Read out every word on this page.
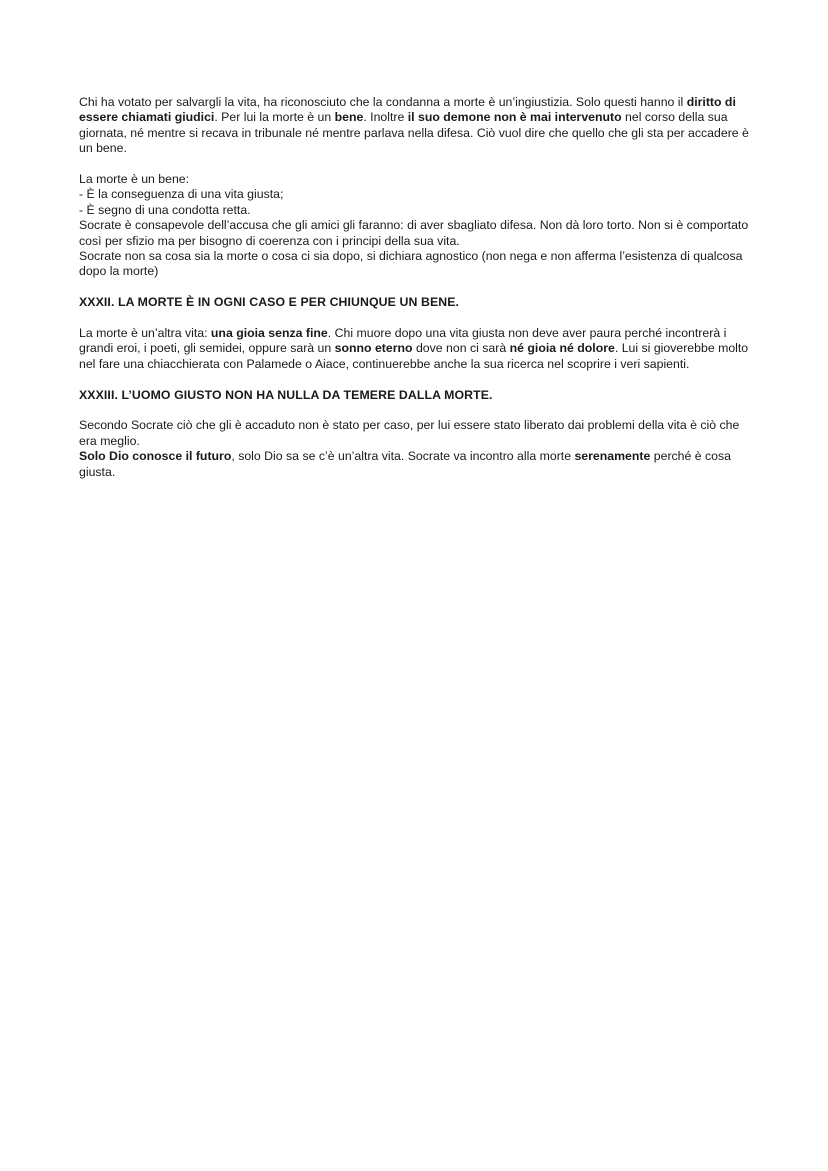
Chi ha votato per salvargli la vita, ha riconosciuto che la condanna a morte è un’ingiustizia. Solo questi hanno il diritto di essere chiamati giudici. Per lui la morte è un bene. Inoltre il suo demone non è mai intervenuto nel corso della sua giornata, né mentre si recava in tribunale né mentre parlava nella difesa. Ciò vuol dire che quello che gli sta per accadere è un bene.

La morte è un bene:

- È la conseguenza di una vita giusta;

- È segno di una condotta retta.

Socrate è consapevole dell’accusa che gli amici gli faranno: di aver sbagliato difesa. Non dà loro torto. Non si è comportato così per sfizio ma per bisogno di coerenza con i principi della sua vita.

Socrate non sa cosa sia la morte o cosa ci sia dopo, si dichiara agnostico (non nega e non afferma l’esistenza di qualcosa dopo la morte)

XXXII. LA MORTE È IN OGNI CASO E PER CHIUNQUE UN BENE.

La morte è un’altra vita: una gioia senza fine. Chi muore dopo una vita giusta non deve aver paura perché incontrerà i grandi eroi, i poeti, gli semidei, oppure sarà un sonno eterno dove non ci sarà né gioia né dolore. Lui si gioverebbe molto nel fare una chiacchierata con Palamede o Aiace, continuerebbe anche la sua ricerca nel scoprire i veri sapienti.

XXXIII. L’UOMO GIUSTO NON HA NULLA DA TEMERE DALLA MORTE.

Secondo Socrate ciò che gli è accaduto non è stato per caso, per lui essere stato liberato dai problemi della vita è ciò che era meglio.

Solo Dio conosce il futuro, solo Dio sa se c’è un’altra vita. Socrate va incontro alla morte serenamente perché è cosa giusta.
